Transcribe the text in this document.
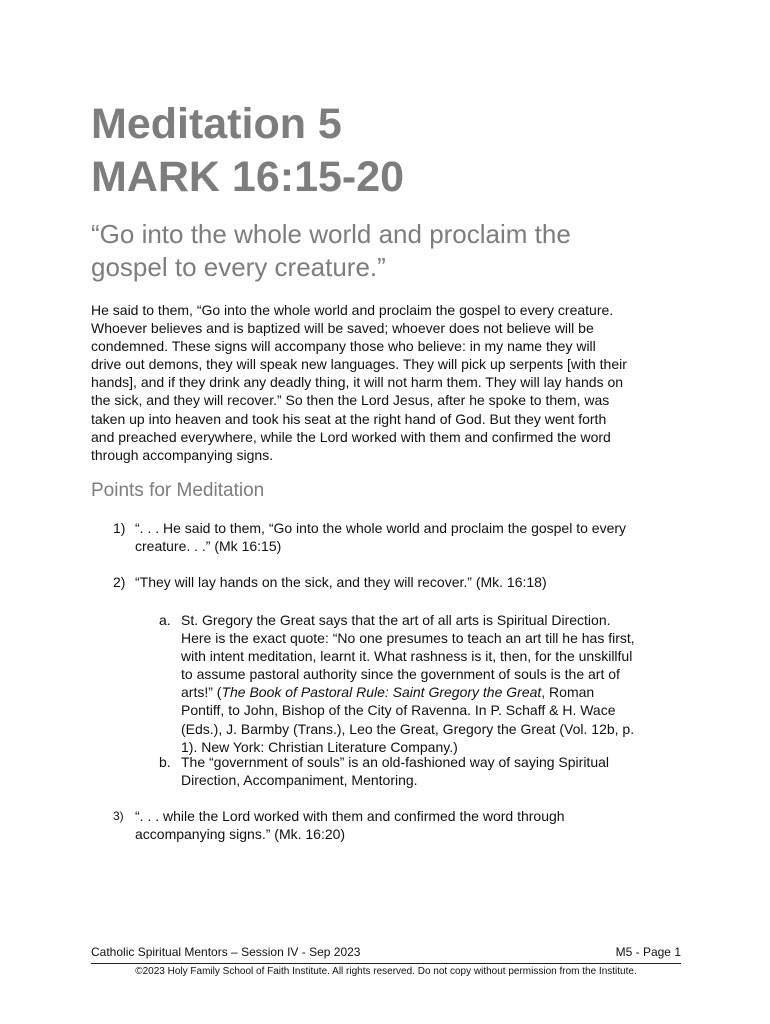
Meditation 5
MARK 16:15-20
“Go into the whole world and proclaim the
gospel to every creature.”

He said to them, “Go into the whole world and proclaim the gospel to every creature.
Whoever believes and is baptized will be saved; whoever does not believe will be
condemned. These signs will accompany those who believe: in my name they will
drive out demons, they will speak new languages. They will pick up serpents [with their
hands], and if they drink any deadly thing, it will not harm them. They will lay hands on
the sick, and they will recover.” So then the Lord Jesus, after he spoke to them, was
taken up into heaven and took his seat at the right hand of God. But they went forth
and preached everywhere, while the Lord worked with them and confirmed the word
through accompanying signs.

Points for Meditation
1) “. . . He said to them, “Go into the whole world and proclaim the gospel to every
creature. . .” (Mk 16:15)
2) “They will lay hands on the sick, and they will recover.” (Mk. 16:18)
a. St. Gregory the Great says that the art of all arts is Spiritual Direction.
Here is the exact quote: “No one presumes to teach an art till he has first,
with intent meditation, learnt it. What rashness is it, then, for the unskillful
to assume pastoral authority since the government of souls is the art of
arts!” (The Book of Pastoral Rule: Saint Gregory the Great, Roman
Pontiff, to John, Bishop of the City of Ravenna. In P. Schaff & H. Wace
(Eds.), J. Barmby (Trans.), Leo the Great, Gregory the Great (Vol. 12b, p.
1). New York: Christian Literature Company.)
b. The “government of souls” is an old-fashioned way of saying Spiritual
Direction, Accompaniment, Mentoring.
3) “. . . while the Lord worked with them and confirmed the word through
accompanying signs.” (Mk. 16:20)
Catholic Spiritual Mentors – Session IV - Sep 2023	M5 - Page 1
©2023 Holy Family School of Faith Institute. All rights reserved. Do not copy without permission from the Institute.
